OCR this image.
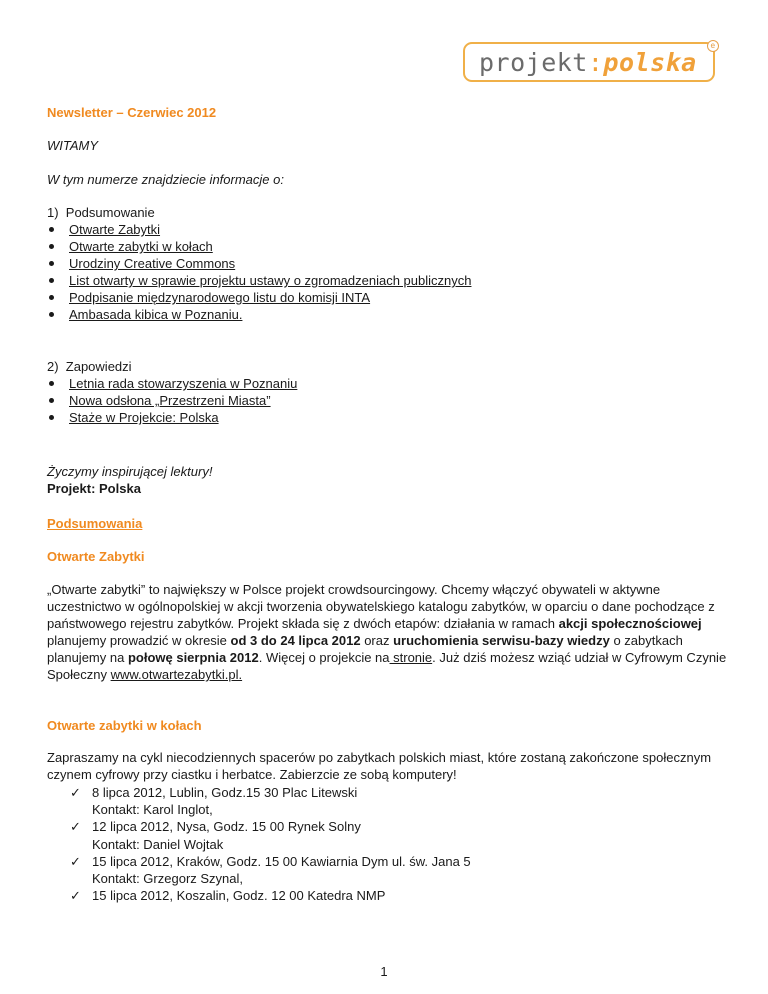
projekt : polska
e
Newsletter – Czerwiec 2012
WITAMY
W tym numerze znajdziecie informacje o:
1)  Podsumowanie
Otwarte Zabytki
Otwarte zabytki w kołach
Urodziny Creative Commons
List otwarty w sprawie projektu ustawy o zgromadzeniach publicznych
Podpisanie międzynarodowego listu do komisji INTA
Ambasada kibica w Poznaniu.
2)  Zapowiedzi
Letnia rada stowarzyszenia w Poznaniu
Nowa odsłona „Przestrzeni Miasta”
Staże w Projekcie: Polska
Życzymy inspirującej lektury!
Projekt: Polska
Podsumowania
Otwarte Zabytki
„Otwarte zabytki” to największy w Polsce projekt crowdsourcingowy. Chcemy włączyć obywateli w aktywne uczestnictwo w ogólnopolskiej w akcji tworzenia obywatelskiego katalogu zabytków, w oparciu o dane pochodzące z państwowego rejestru zabytków. Projekt składa się z dwóch etapów: działania w ramach akcji społecznościowej planujemy prowadzić w okresie od 3 do 24 lipca 2012 oraz uruchomienia serwisu-bazy wiedzy o zabytkach planujemy na połowę sierpnia 2012. Więcej o projekcie na stronie. Już dziś możesz wziąć udział w Cyfrowym Czynie Społeczny www.otwartezabytki.pl.
Otwarte zabytki w kołach
Zapraszamy na cykl niecodziennych spacerów po zabytkach polskich miast, które zostaną zakończone społecznym czynem cyfrowy przy ciastku i herbatce. Zabierzcie ze sobą komputery!
✓ 8 lipca 2012, Lublin, Godz.15 30 Plac Litewski
Kontakt: Karol Inglot,
✓ 12 lipca 2012, Nysa, Godz. 15 00 Rynek Solny
Kontakt: Daniel Wojtak
✓ 15 lipca 2012, Kraków, Godz. 15 00 Kawiarnia Dym ul. św. Jana 5
Kontakt: Grzegorz Szynal,
✓ 15 lipca 2012, Koszalin, Godz. 12 00 Katedra NMP
1
